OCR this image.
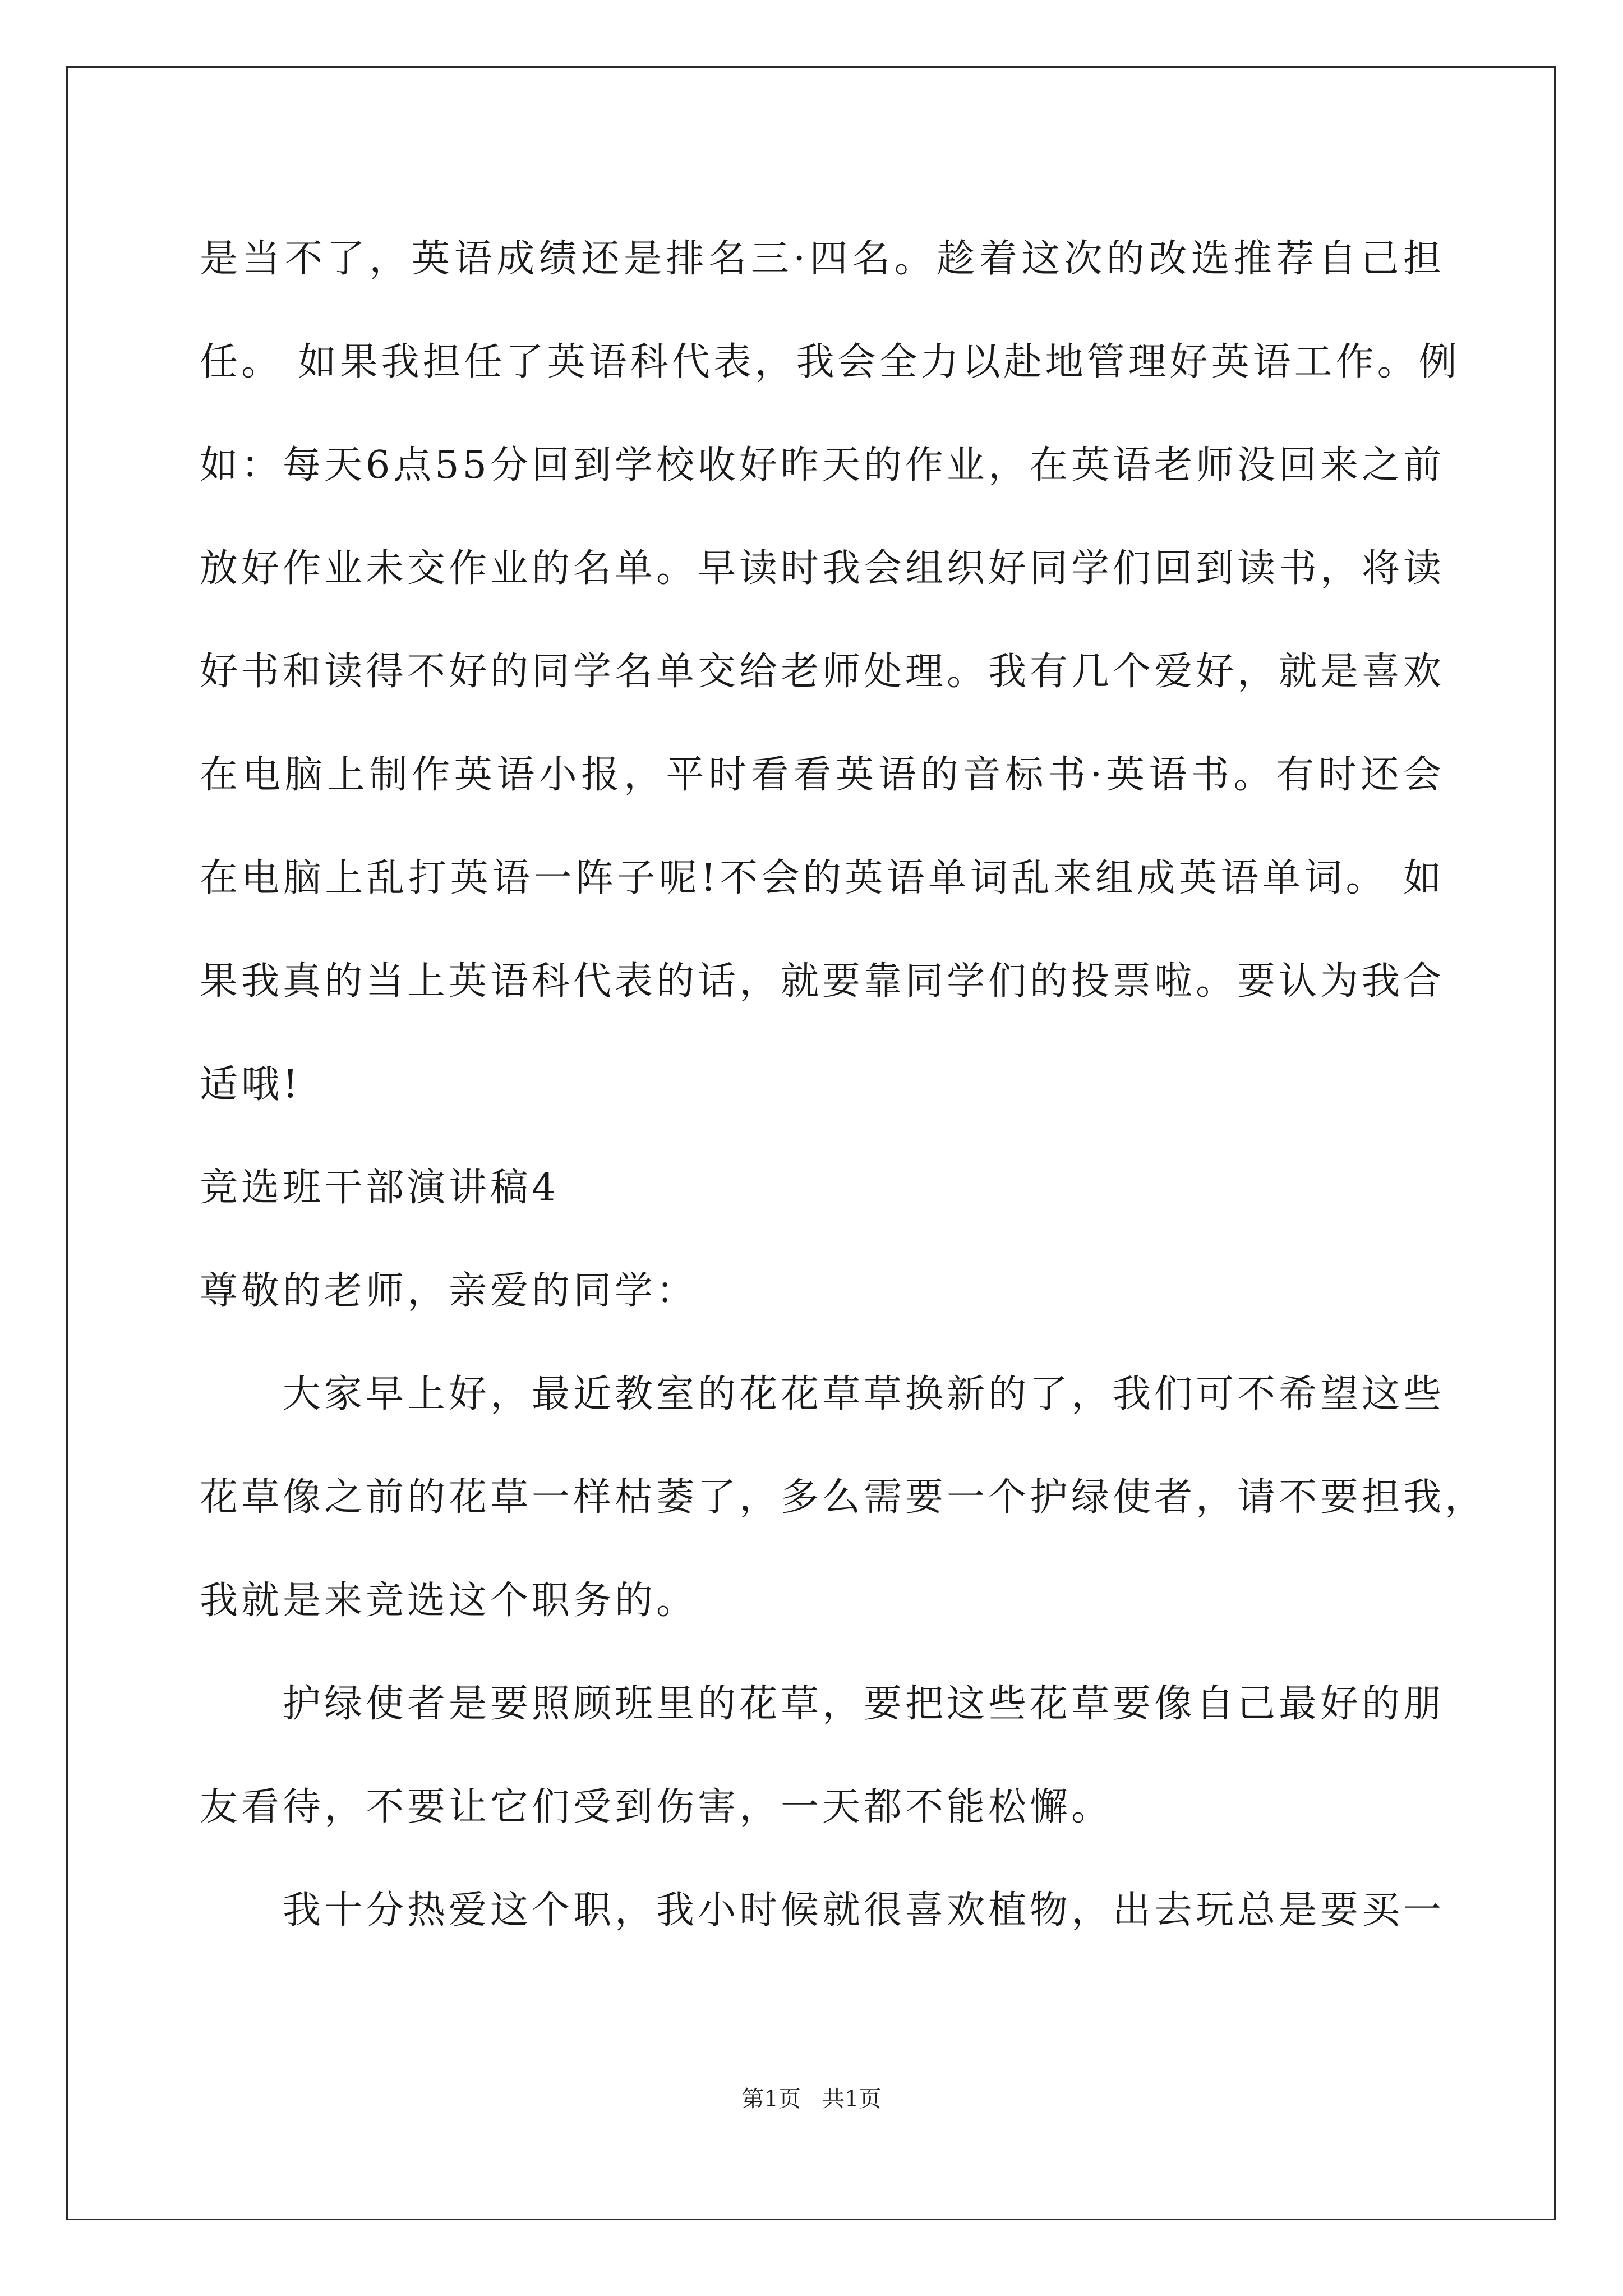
是当不了，英语成绩还是排名三·四名。趁着这次的改选推荐自己担
任。 如果我担任了英语科代表，我会全力以赴地管理好英语工作。例
如：每天6点55分回到学校收好昨天的作业，在英语老师没回来之前
放好作业未交作业的名单。早读时我会组织好同学们回到读书，将读
好书和读得不好的同学名单交给老师处理。我有几个爱好，就是喜欢
在电脑上制作英语小报，平时看看英语的音标书·英语书。有时还会
在电脑上乱打英语一阵子呢!不会的英语单词乱来组成英语单词。 如
果我真的当上英语科代表的话，就要靠同学们的投票啦。要认为我合
适哦!
竞选班干部演讲稿4
尊敬的老师，亲爱的同学：
大家早上好，最近教室的花花草草换新的了，我们可不希望这些
花草像之前的花草一样枯萎了，多么需要一个护绿使者，请不要担我，
我就是来竞选这个职务的。
护绿使者是要照顾班里的花草，要把这些花草要像自己最好的朋
友看待，不要让它们受到伤害，一天都不能松懈。
我十分热爱这个职，我小时候就很喜欢植物，出去玩总是要买一
第1页   共1页
